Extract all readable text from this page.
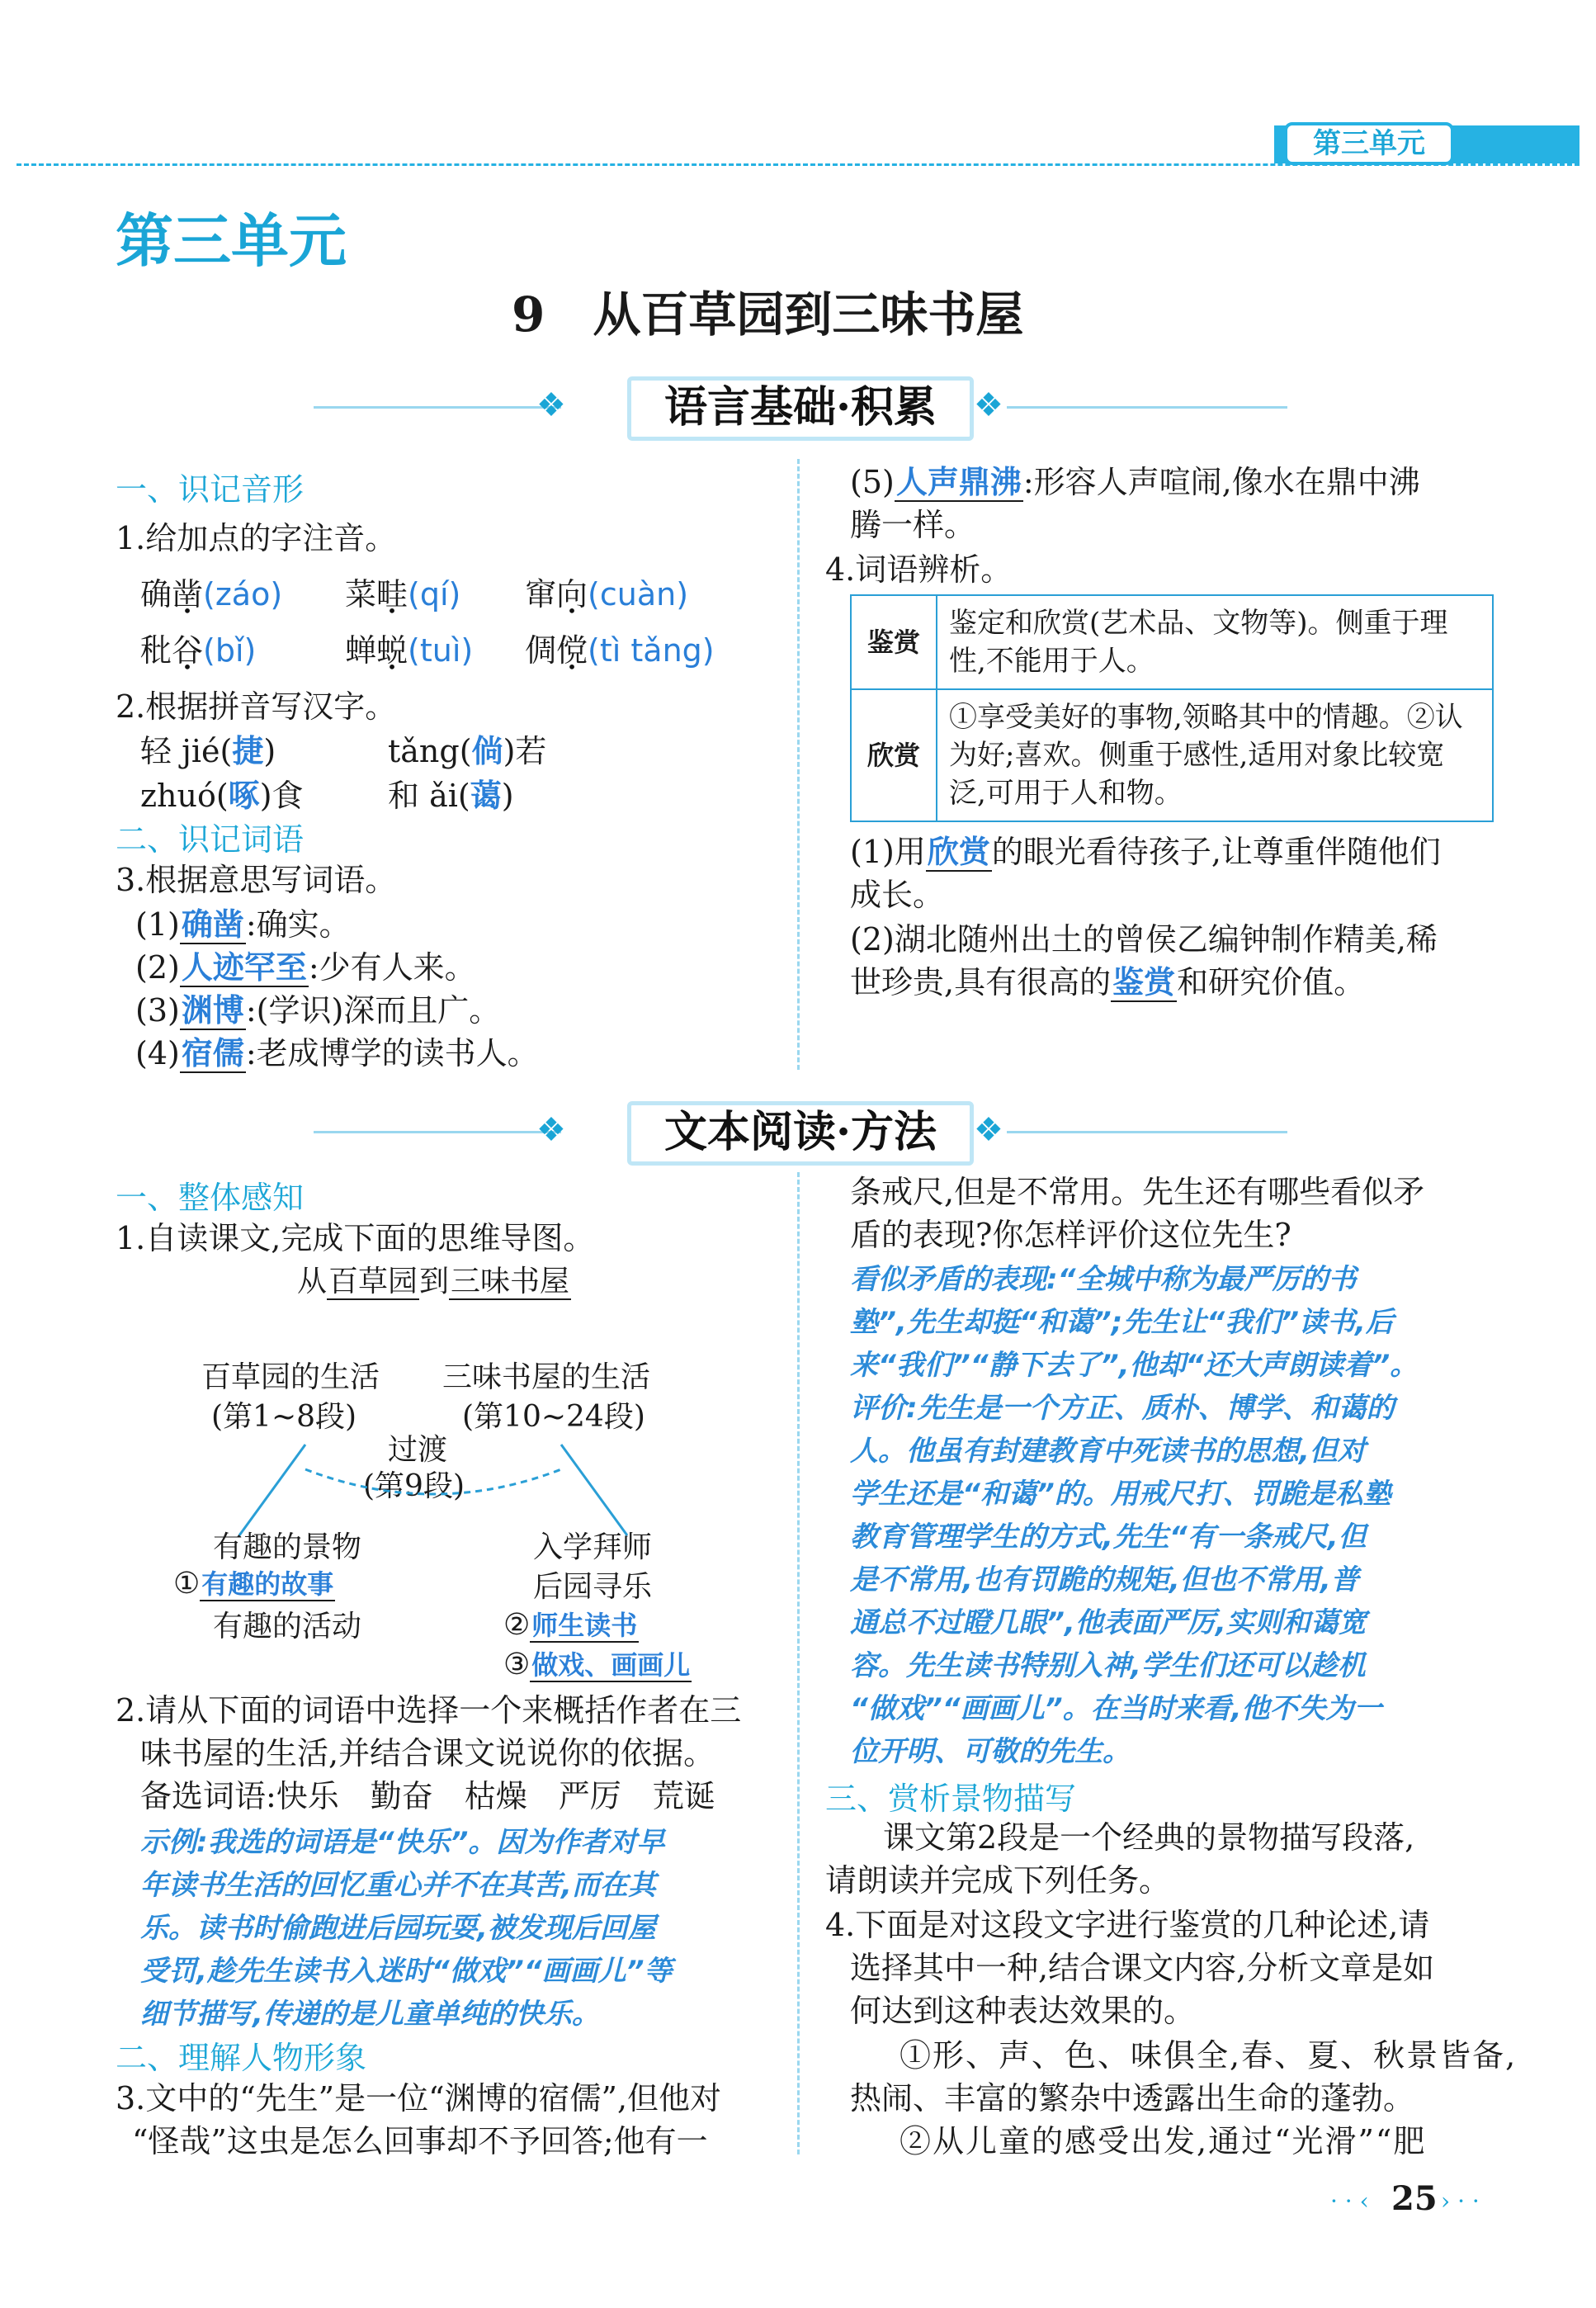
第三单元
第三单元
9　从百草园到三味书屋
❖	❖
语言基础·积累
一、识记音形
1.给加点的字注音。
确凿(záo) 菜畦(qí) 窜向(cuàn)
秕谷(bǐ)	蝉蜕(tuì) 倜傥(tì tǎng)
2.根据拼音写汉字。
轻 jié(捷)	tǎng(倘)若
zhuó(啄)食	和 ǎi(蔼)
二、识记词语
3.根据意思写词语。
(1)确凿:确实。
(2)人迹罕至:少有人来。
(3)渊博:(学识)深而且广。
(4)宿儒:老成博学的读书人。
(5)人声鼎沸:形容人声喧闹,像水在鼎中沸
腾一样。
4.词语辨析。
鉴赏	鉴定和欣赏(艺术品、文物等)。侧重于理性,不能用于人。
欣赏	①享受美好的事物,领略其中的情趣。②认为好;喜欢。侧重于感性,适用对象比较宽泛,可用于人和物。
(1)用欣赏的眼光看待孩子,让尊重伴随他们
成长。
(2)湖北随州出土的曾侯乙编钟制作精美,稀
世珍贵,具有很高的鉴赏和研究价值。
❖	❖
文本阅读·方法
一、整体感知
1.自读课文,完成下面的思维导图。
从百草园到三味书屋
百草园的生活
(第1~8段)
三味书屋的生活
(第10~24段)
过渡
(第9段)
有趣的景物
①有趣的故事
有趣的活动
入学拜师
后园寻乐
②师生读书
③做戏、画画儿
2.请从下面的词语中选择一个来概括作者在三
味书屋的生活,并结合课文说说你的依据。
备选词语:快乐　勤奋　枯燥　严厉　荒诞
示例:我选的词语是“快乐”。因为作者对早
年读书生活的回忆重心并不在其苦,而在其
乐。读书时偷跑进后园玩耍,被发现后回屋
受罚,趁先生读书入迷时“做戏”“画画儿”等
细节描写,传递的是儿童单纯的快乐。
二、理解人物形象
3.文中的“先生”是一位“渊博的宿儒”,但他对
“怪哉”这虫是怎么回事却不予回答;他有一
条戒尺,但是不常用。先生还有哪些看似矛
盾的表现?你怎样评价这位先生?
看似矛盾的表现:“全城中称为最严厉的书
塾”,先生却挺“和蔼”;先生让“我们”读书,后
来“我们”“静下去了”,他却“还大声朗读着”。
评价:先生是一个方正、质朴、博学、和蔼的
人。他虽有封建教育中死读书的思想,但对
学生还是“和蔼”的。用戒尺打、罚跪是私塾
教育管理学生的方式,先生“有一条戒尺,但
是不常用,也有罚跪的规矩,但也不常用,普
通总不过瞪几眼”,他表面严厉,实则和蔼宽
容。先生读书特别入神,学生们还可以趁机
“做戏”“画画儿”。在当时来看,他不失为一
位开明、可敬的先生。
三、赏析景物描写
课文第2段是一个经典的景物描写段落,
请朗读并完成下列任务。
4.下面是对这段文字进行鉴赏的几种论述,请
选择其中一种,结合课文内容,分析文章是如
何达到这种表达效果的。
①形、声、色、味俱全,春、夏、秋景皆备,
热闹、丰富的繁杂中透露出生命的蓬勃。
②从儿童的感受出发,通过“光滑”“肥
· · ‹ 25 › · ·
